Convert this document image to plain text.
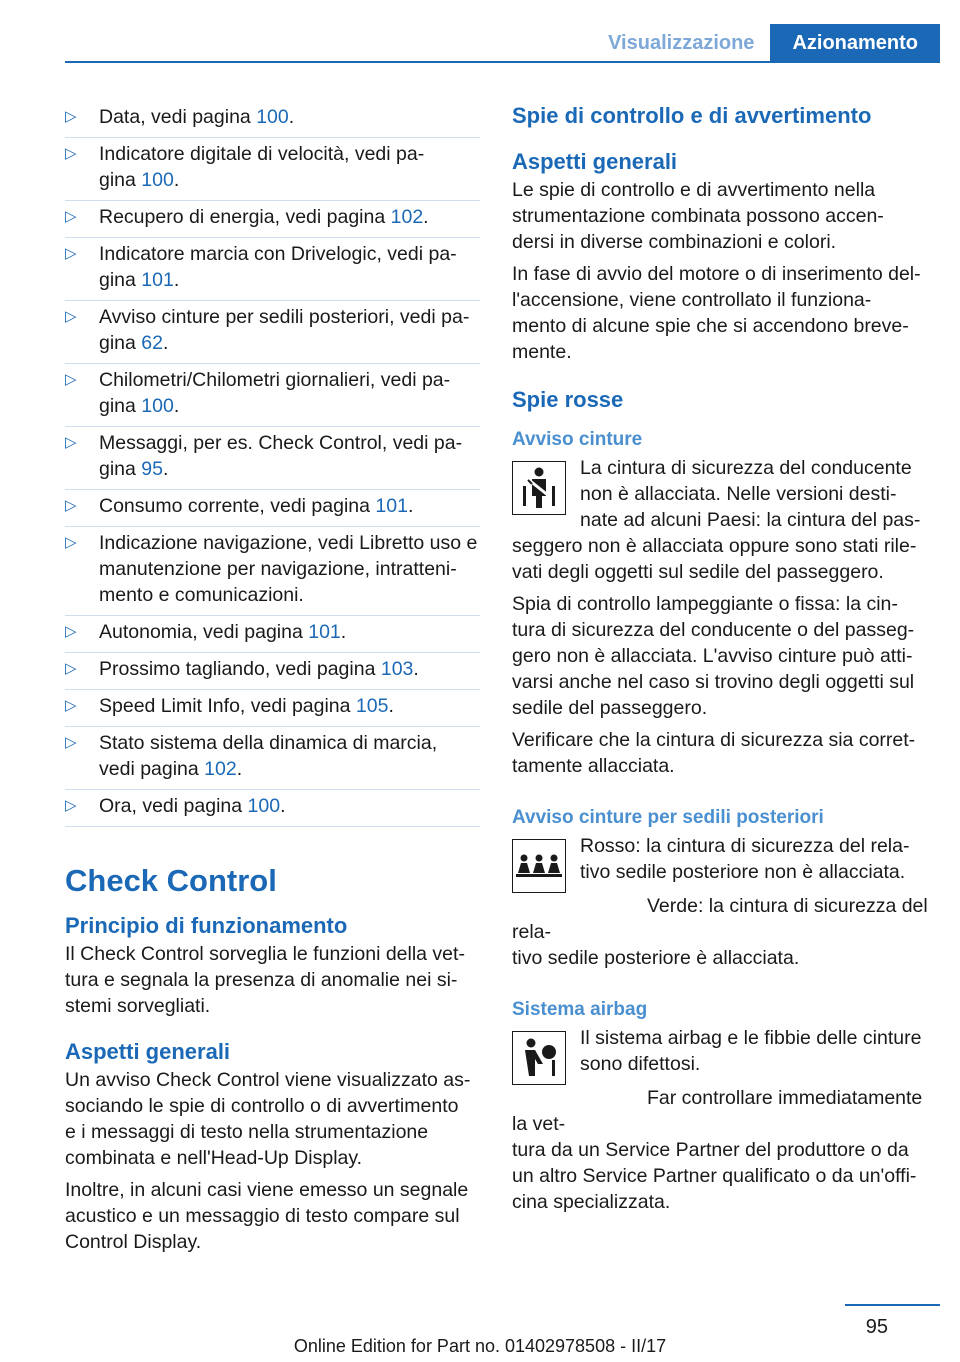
Visualizzazione	Azionamento
▷ Data, vedi pagina 100.
▷ Indicatore digitale di velocità, vedi pa-
gina 100.
▷ Recupero di energia, vedi pagina 102.
▷ Indicatore marcia con Drivelogic, vedi pa-
gina 101.
▷ Avviso cinture per sedili posteriori, vedi pa-
gina 62.
▷ Chilometri/Chilometri giornalieri, vedi pa-
gina 100.
▷ Messaggi, per es. Check Control, vedi pa-
gina 95.
▷ Consumo corrente, vedi pagina 101.
▷ Indicazione navigazione, vedi Libretto uso e manutenzione per navigazione, intratteni-
mento e comunicazioni.
▷ Autonomia, vedi pagina 101.
▷ Prossimo tagliando, vedi pagina 103.
▷ Speed Limit Info, vedi pagina 105.
▷ Stato sistema della dinamica di marcia,
vedi pagina 102.
▷ Ora, vedi pagina 100.
Check Control
Principio di funzionamento

Il Check Control sorveglia le funzioni della vet-
tura e segnala la presenza di anomalie nei si-
stemi sorvegliati.

Aspetti generali

Un avviso Check Control viene visualizzato as-
sociando le spie di controllo o di avvertimento
e i messaggi di testo nella strumentazione
combinata e nell'Head-Up Display.

Inoltre, in alcuni casi viene emesso un segnale
acustico e un messaggio di testo compare sul
Control Display.

Spie di controllo e di avvertimento
Aspetti generali

Le spie di controllo e di avvertimento nella
strumentazione combinata possono accen-
dersi in diverse combinazioni e colori.

In fase di avvio del motore o di inserimento del-
l'accensione, viene controllato il funziona-
mento di alcune spie che si accendono breve-
mente.

Spie rosse
Avviso cinture

La cintura di sicurezza del conducente non è allacciata. Nelle versioni desti-nate ad alcuni Paesi: la cintura del pas-seggero non è allacciata oppure sono stati rile-vati degli oggetti sul sedile del passeggero.

Spia di controllo lampeggiante o fissa: la cin-
tura di sicurezza del conducente o del passeg-
gero non è allacciata. L'avviso cinture può atti-
varsi anche nel caso si trovino degli oggetti sul
sedile del passeggero.

Verificare che la cintura di sicurezza sia corret-
tamente allacciata.

Avviso cinture per sedili posteriori

Rosso: la cintura di sicurezza del rela-
tivo sedile posteriore non è allacciata.

Verde: la cintura di sicurezza del rela-
tivo sedile posteriore è allacciata.

Sistema airbag

Il sistema airbag e le fibbie delle cinture
sono difettosi.

Far controllare immediatamente la vet-
tura da un Service Partner del produttore o da
un altro Service Partner qualificato o da un'offi-
cina specializzata.

95
Online Edition for Part no. 01402978508 - II/17
